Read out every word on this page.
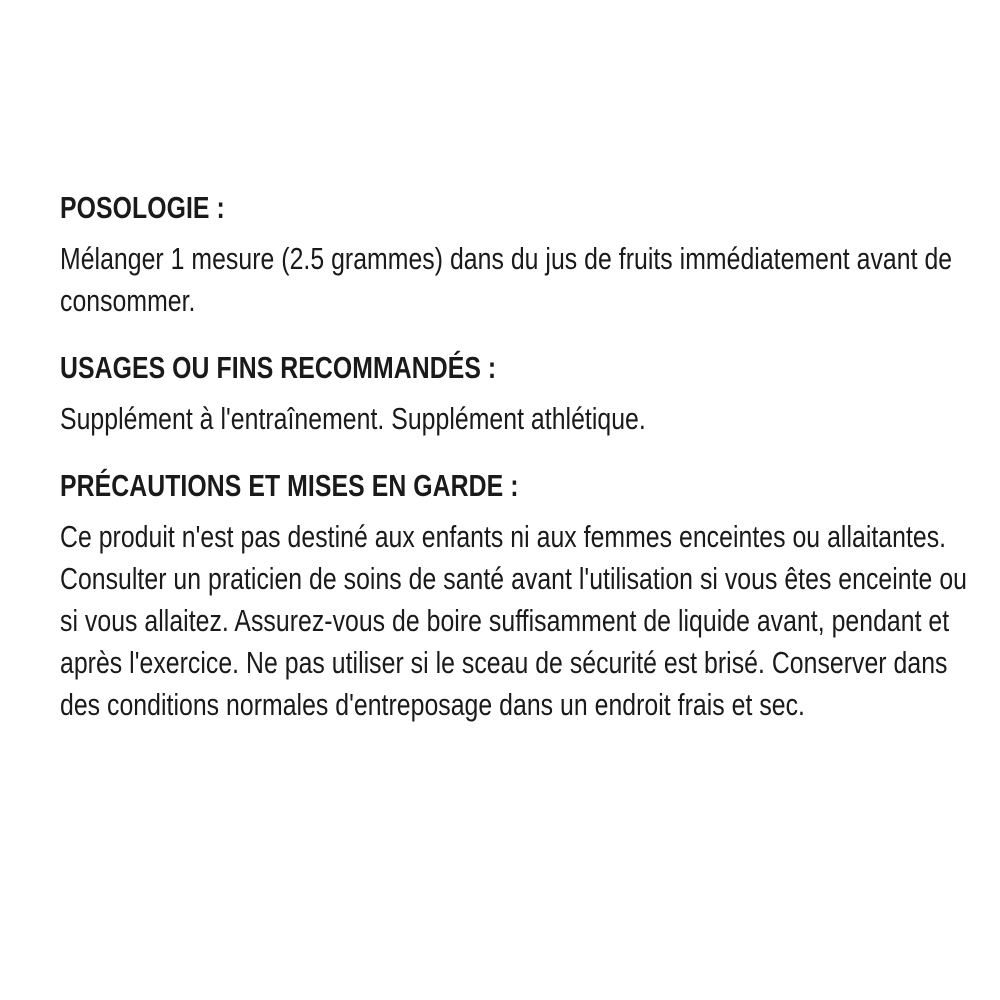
POSOLOGIE :

Mélanger 1 mesure (2.5 grammes) dans du jus de fruits immédiatement avant de consommer.

USAGES OU FINS RECOMMANDÉS :

Supplément à l'entraînement. Supplément athlétique.

PRÉCAUTIONS ET MISES EN GARDE :

Ce produit n'est pas destiné aux enfants ni aux femmes enceintes ou allaitantes. Consulter un praticien de soins de santé avant l'utilisation si vous êtes enceinte ou si vous allaitez. Assurez-vous de boire suffisamment de liquide avant, pendant et après l'exercice. Ne pas utiliser si le sceau de sécurité est brisé. Conserver dans des conditions normales d'entreposage dans un endroit frais et sec.
